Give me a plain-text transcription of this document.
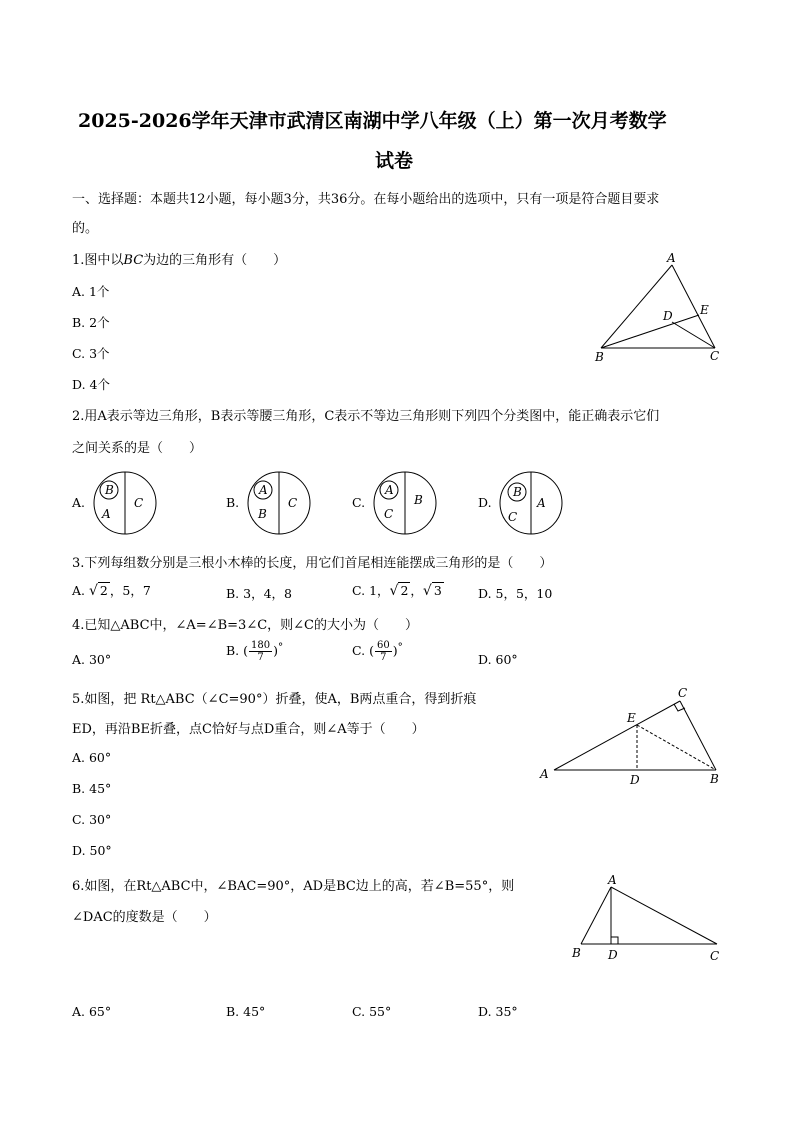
2025-2026学年天津市武清区南湖中学八年级（上）第一次月考数学
试卷
一、选择题：本题共12小题，每小题3分，共36分。在每小题给出的选项中，只有一项是符合题目要求
的。
1.图中以BC为边的三角形有（　　）
A. 1个
B. 2个
C. 3个
D. 4个
A
B	C
D E
2.用A表示等边三角形，B表示等腰三角形，C表示不等边三角形则下列四个分类图中，能正确表示它们
之间关系的是（　　）
A.
B
A
C	B.
A
B
C	C.
A
C
B	D.
B
C
A
3.下列每组数分别是三根小木棒的长度，用它们首尾相连能摆成三角形的是（　　）
A. √ 2 ，5，7	B. 3，4，8	C. 1，√ 2 ，√ 3	D. 5，5，10
4.已知△ABC中，∠A=∠B=3∠C，则∠C的大小为（　　）
A. 30°
B. ( $\frac{180}{7} )^\circ$	C. ( $\frac{60}{7} )^\circ$
D. 60°
5.如图，把 Rt△ABC（∠C=90°）折叠，使A，B两点重合，得到折痕
ED，再沿BE折叠，点C恰好与点D重合，则∠A等于（　　）
A. 60°
B. 45°
C. 30°
D. 50°
C
E
A	D	B
6.如图，在Rt△ABC中，∠BAC=90°，AD是BC边上的高，若∠B=55°，则
∠DAC的度数是（　　）
A
B D	C
A. 65°	B. 45°	C. 55°	D. 35°
